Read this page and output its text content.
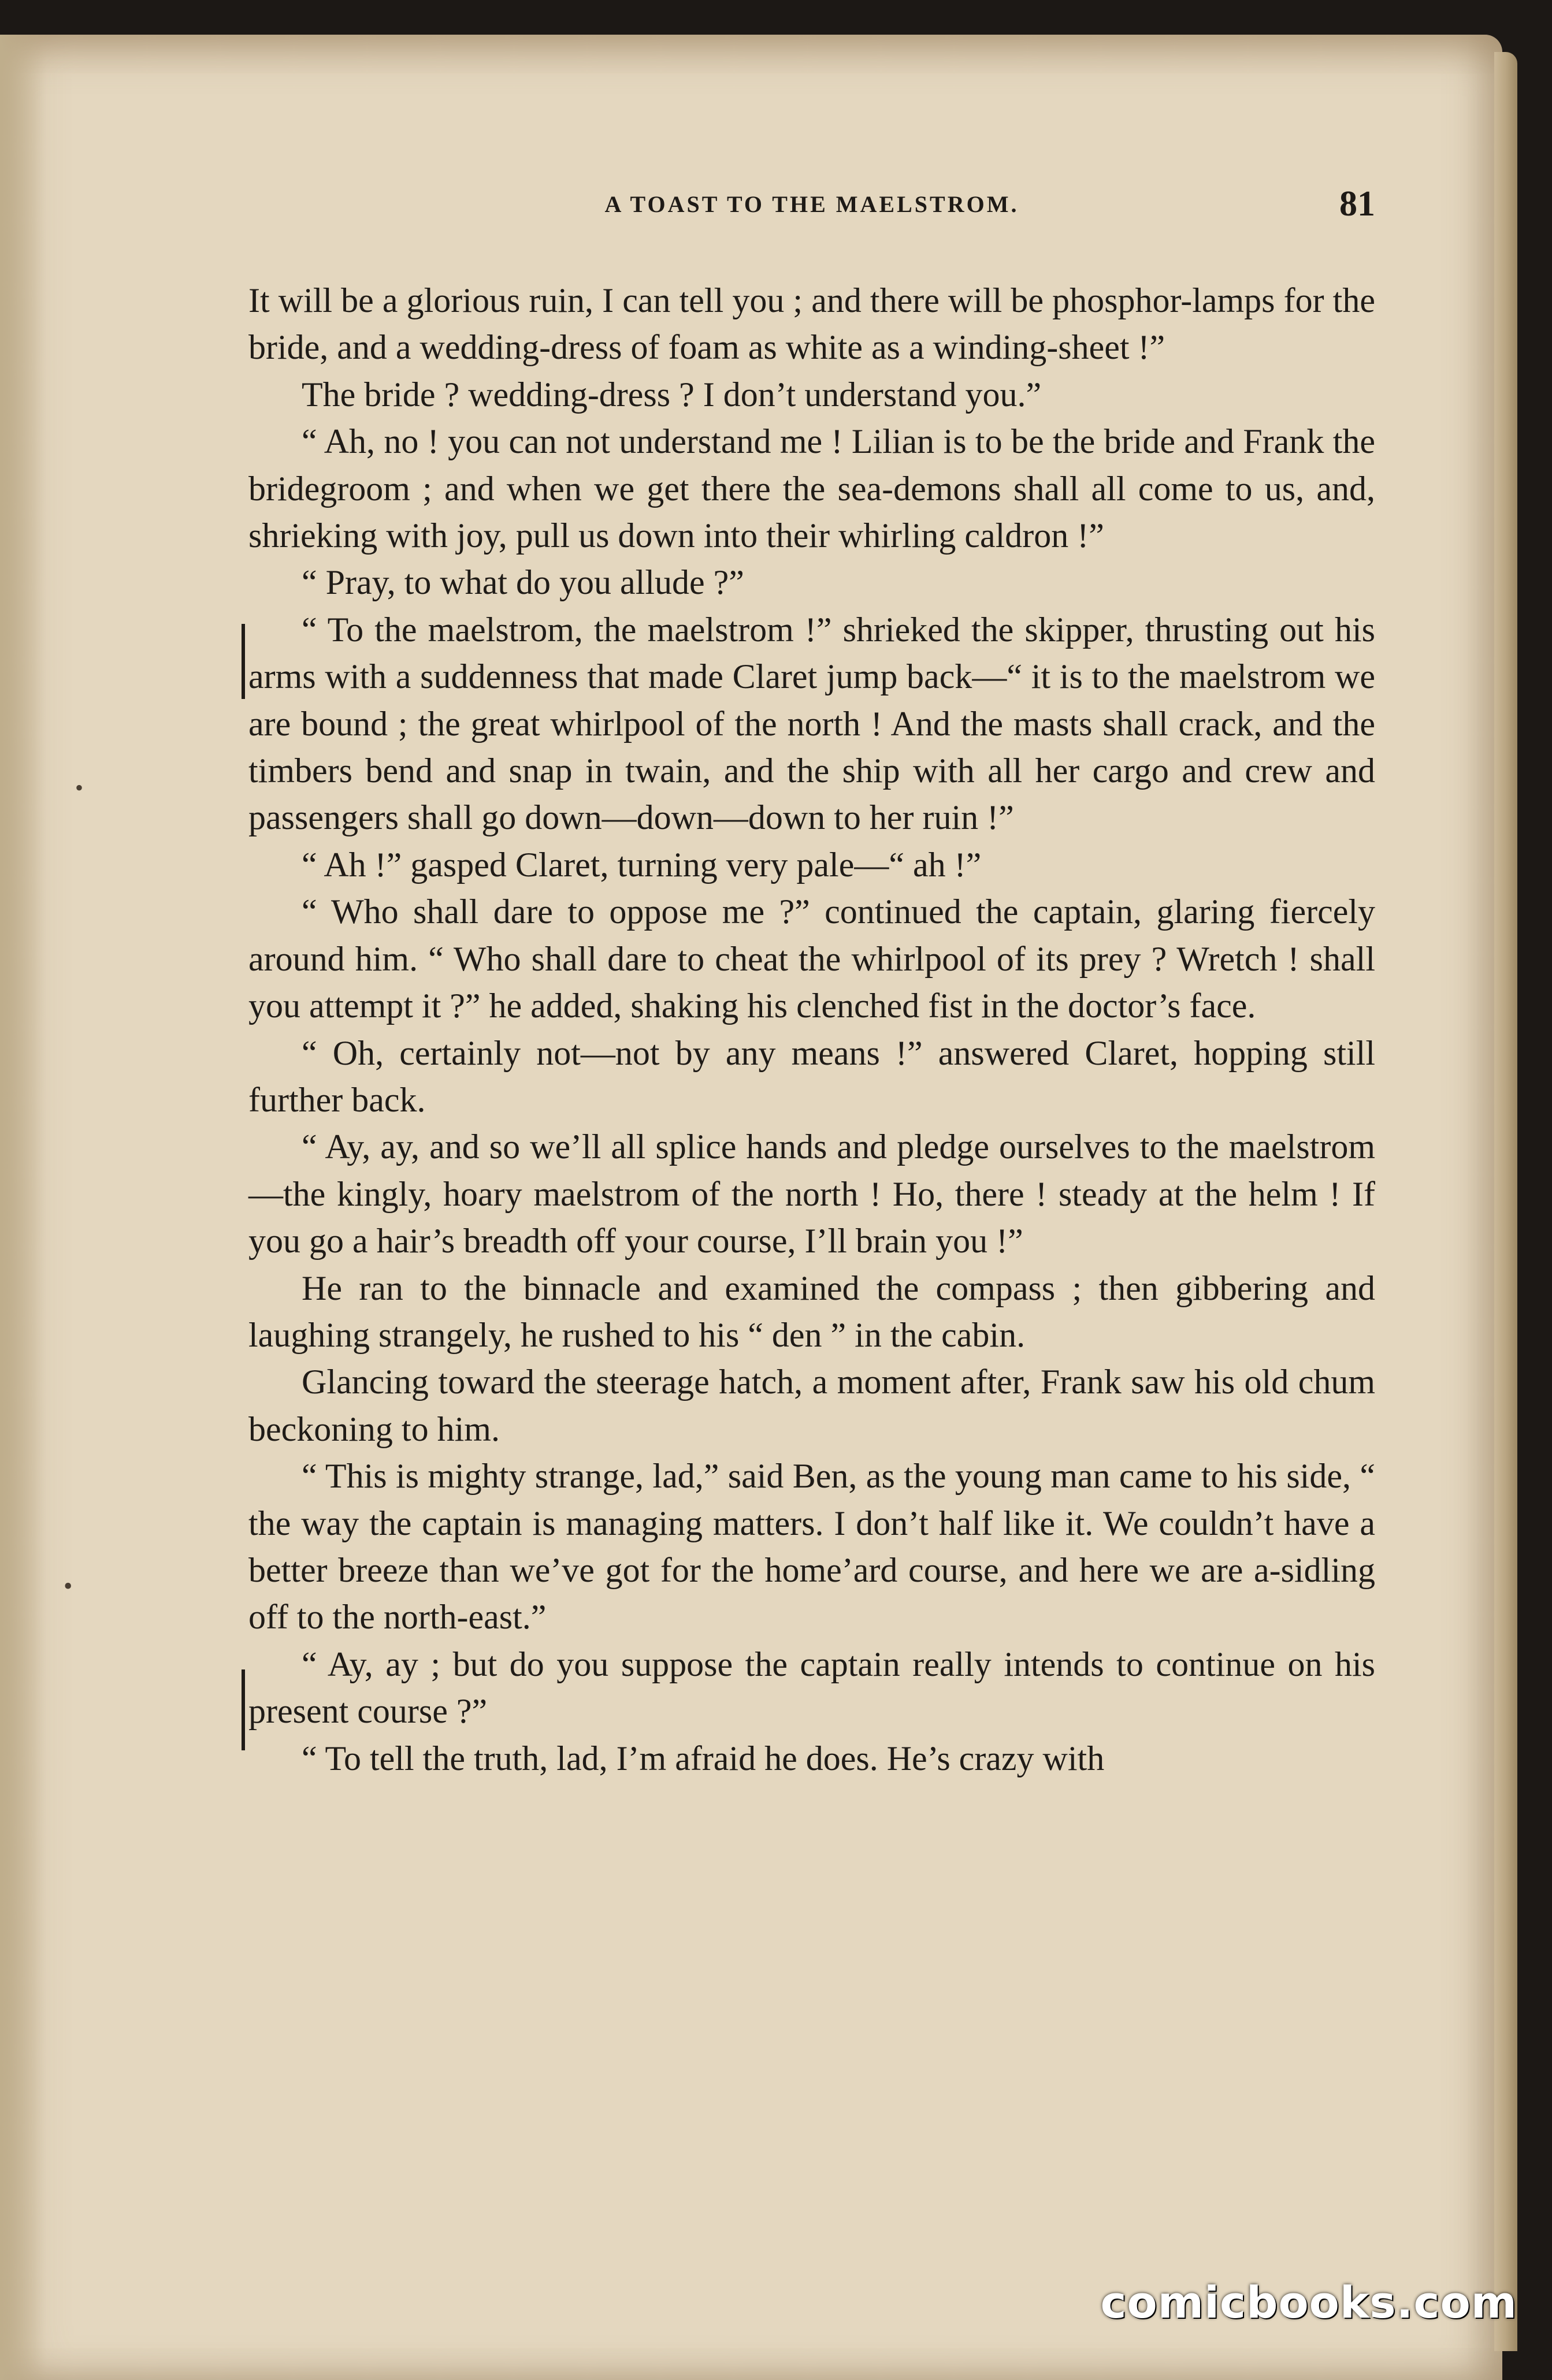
A TOAST TO THE MAELSTROM.	81

It will be a glorious ruin, I can tell you ; and there will be phosphor-lamps for the bride, and a wedding-dress of foam as white as a winding-sheet !”

The bride ? wedding-dress ? I don’t understand you.”

“ Ah, no ! you can not understand me ! Lilian is to be the bride and Frank the bridegroom ; and when we get there the sea-demons shall all come to us, and, shrieking with joy, pull us down into their whirling caldron !”

“ Pray, to what do you allude ?”

“ To the maelstrom, the maelstrom !” shrieked the skipper, thrusting out his arms with a suddenness that made Claret jump back—“ it is to the maelstrom we are bound ; the great whirlpool of the north ! And the masts shall crack, and the timbers bend and snap in twain, and the ship with all her cargo and crew and passengers shall go down—down—down to her ruin !”

“ Ah !” gasped Claret, turning very pale—“ ah !”

“ Who shall dare to oppose me ?” continued the captain, glaring fiercely around him. “ Who shall dare to cheat the whirlpool of its prey ? Wretch ! shall you attempt it ?” he added, shaking his clenched fist in the doctor’s face.

“ Oh, certainly not—not by any means !” answered Claret, hopping still further back.

“ Ay, ay, and so we’ll all splice hands and pledge ourselves to the maelstrom—the kingly, hoary maelstrom of the north ! Ho, there ! steady at the helm ! If you go a hair’s breadth off your course, I’ll brain you !”

He ran to the binnacle and examined the compass ; then gibbering and laughing strangely, he rushed to his “ den ” in the cabin.

Glancing toward the steerage hatch, a moment after, Frank saw his old chum beckoning to him.

“ This is mighty strange, lad,” said Ben, as the young man came to his side, “ the way the captain is managing matters. I don’t half like it. We couldn’t have a better breeze than we’ve got for the home’ard course, and here we are a-sidling off to the north-east.”

“ Ay, ay ; but do you suppose the captain really intends to continue on his present course ?”

“ To tell the truth, lad, I’m afraid he does. He’s crazy with

•
•
comicbooks.com
